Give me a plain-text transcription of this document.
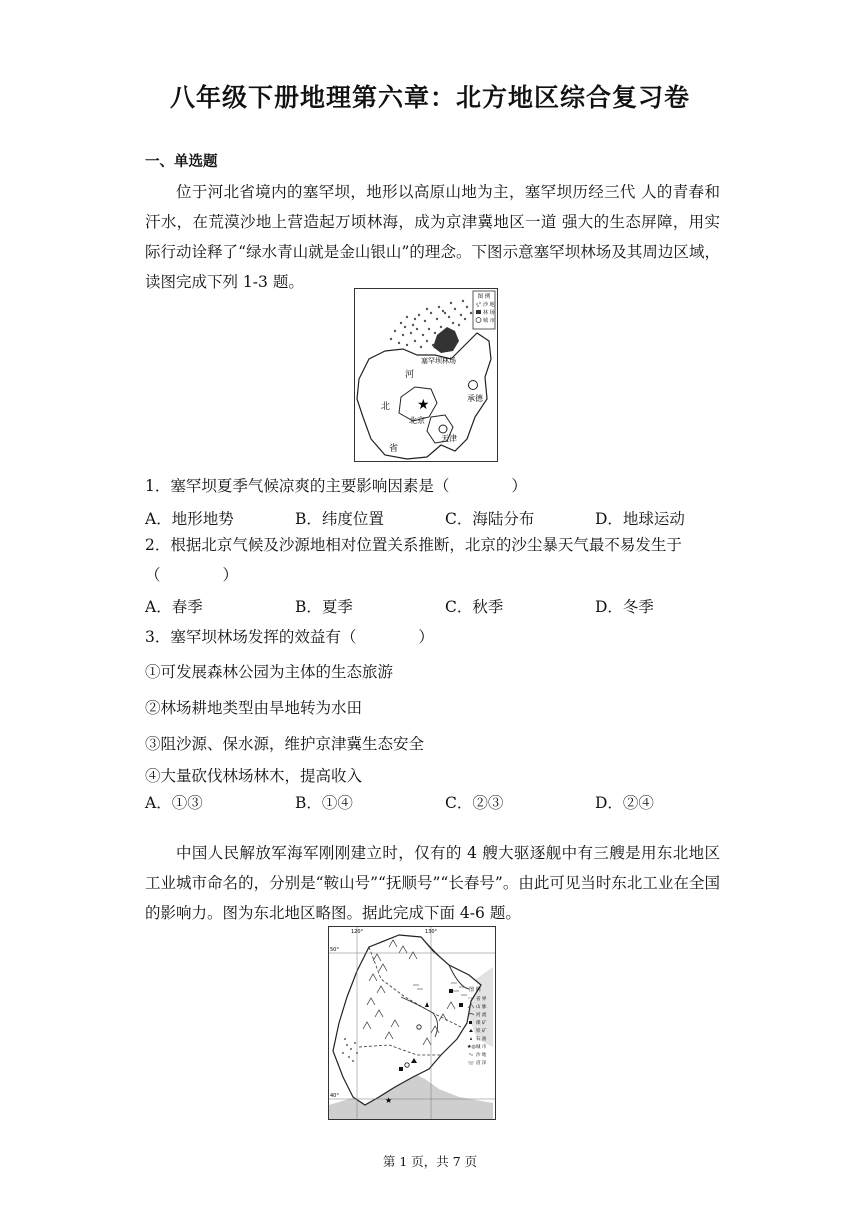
八年级下册地理第六章：北方地区综合复习卷
一、单选题
位于河北省境内的塞罕坝，地形以高原山地为主，塞罕坝历经三代 人的青春和汗水，在荒漠沙地上营造起万顷林海，成为京津冀地区一道 强大的生态屏障，用实际行动诠释了“绿水青山就是金山银山”的理念。下图示意塞罕坝林场及其周边区域，读图完成下列 1-3 题。
图 例
沙 地
林 场
城 市
塞罕坝林场
河
北
省
承德
★
北京
天津
1．塞罕坝夏季气候凉爽的主要影响因素是（　　　　）
A．地形地势	B．纬度位置	C．海陆分布	D．地球运动
2．根据北京气候及沙源地相对位置关系推断，北京的沙尘暴天气最不易发生于
（　　　　）
A．春季	B．夏季	C．秋季	D．冬季
3．塞罕坝林场发挥的效益有（　　　　）
①可发展森林公园为主体的生态旅游
②林场耕地类型由旱地转为水田
③阻沙源、保水源，维护京津冀生态安全
④大量砍伐林场林木，提高收入
A．①③	B．①④	C．②③	D．②④
中国人民解放军海军刚刚建立时，仅有的 4 艘大驱逐舰中有三艘是用东北地区工业城市命名的，分别是“鞍山号”“抚顺号”“长春号”。由此可见当时东北工业在全国的影响力。图为东北地区略图。据此完成下面 4-6 题。
★
120°	130°
50°
40°
图 例
省 界
山 脉
河 流
煤 矿
铁 矿
石 油
★◎ 城 市
沙 地
沼 泽
第 1 页，共 7 页
